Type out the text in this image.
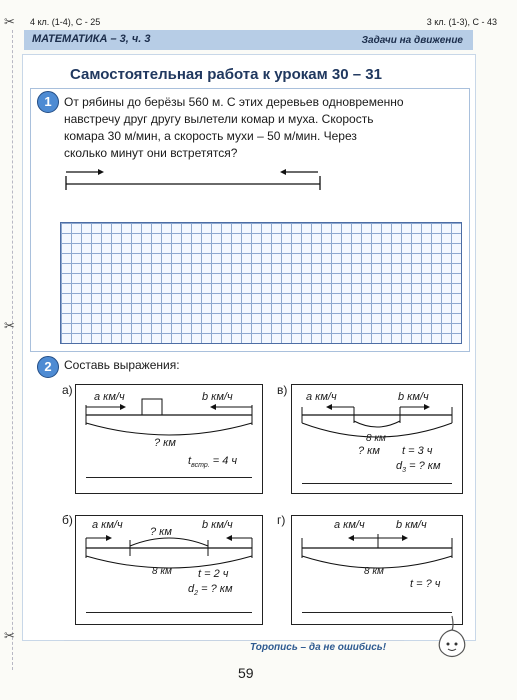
✂
✂
✂
4 кл. (1-4), С - 25	3 кл. (1-3), С - 43
МАТЕМАТИКА – 3, ч. 3	Задачи на движение
Самостоятельная работа к урокам 30 – 31
1	От рябины до берёзы 560 м. С этих деревьев одновременно
навстречу друг другу вылетели комар и муха. Скорость
комара 30 м/мин, а скорость мухи – 50 м/мин. Через
сколько минут они встретятся?
2	Составь выражения:
а) a км/ч	b км/ч
? км
$t_{встр.} = 4$ ч
в) a км/ч	b км/ч
8 км
? км t = 3 ч
$d_3$ = ? км
б) a км/ч	b км/ч
? км
8 км t = 2 ч
$d_2$ = ? км
г)	a км/ч	b км/ч
8 км
t = ? ч
Торопись – да не ошибись!
59
